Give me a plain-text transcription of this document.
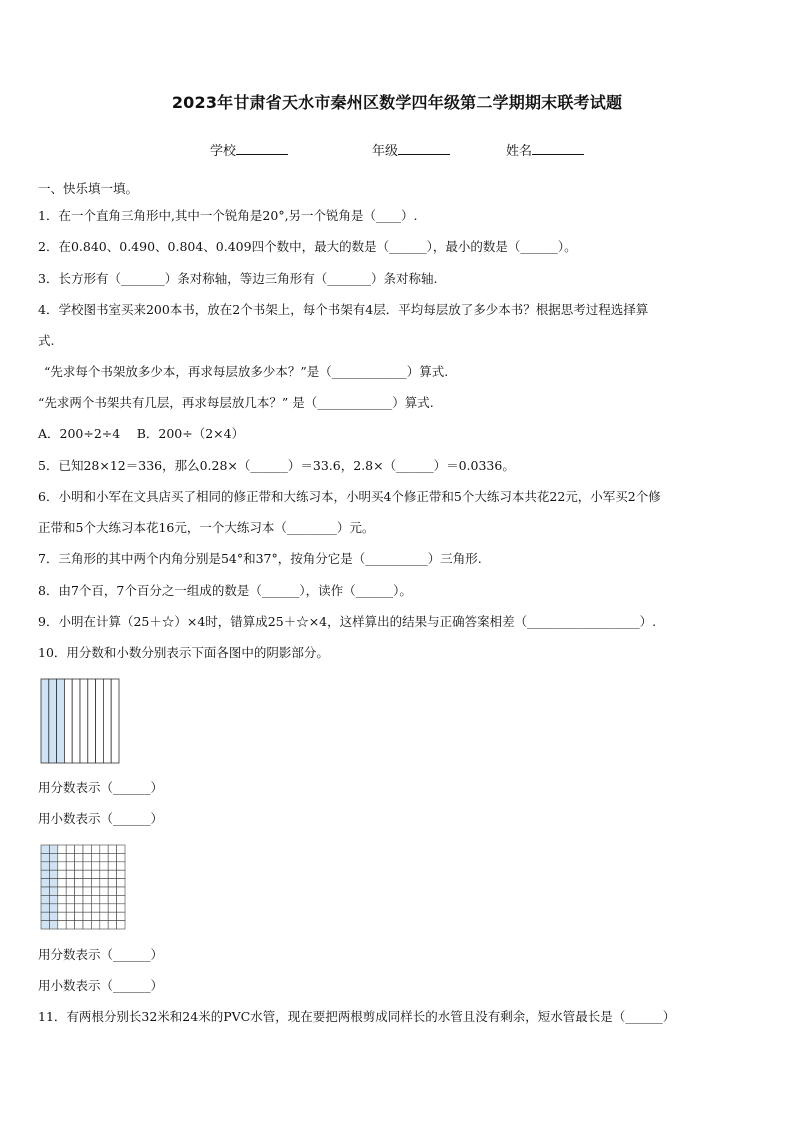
2023年甘肃省天水市秦州区数学四年级第二学期期末联考试题
学校	年级	姓名
一、快乐填一填。
1．在一个直角三角形中,其中一个锐角是20°,另一个锐角是（____）.
2．在0.840、0.490、0.804、0.409四个数中，最大的数是（______），最小的数是（______）。
3．长方形有（_______）条对称轴，等边三角形有（_______）条对称轴.
4．学校图书室买来200本书，放在2个书架上，每个书架有4层．平均每层放了多少本书？根据思考过程选择算
式.
“先求每个书架放多少本，再求每层放多少本？”是（____________）算式.
“先求两个书架共有几层，再求每层放几本？” 是（____________）算式.
A．200÷2÷4　 B．200÷（2×4）
5．已知28×12＝336，那么0.28×（______）＝33.6，2.8×（______）＝0.0336。
6．小明和小军在文具店买了相同的修正带和大练习本，小明买4个修正带和5个大练习本共花22元，小军买2个修
正带和5个大练习本花16元，一个大练习本（________）元。
7．三角形的其中两个内角分别是54°和37°，按角分它是（__________）三角形.
8．由7个百，7个百分之一组成的数是（______），读作（______）。
9．小明在计算（25＋☆）×4时，错算成25＋☆×4，这样算出的结果与正确答案相差（__________________）.
10．用分数和小数分别表示下面各图中的阴影部分。
用分数表示（______）
用小数表示（______）
用分数表示（______）
用小数表示（______）
11．有两根分别长32米和24米的PVC水管，现在要把两根剪成同样长的水管且没有剩余，短水管最长是（______）
